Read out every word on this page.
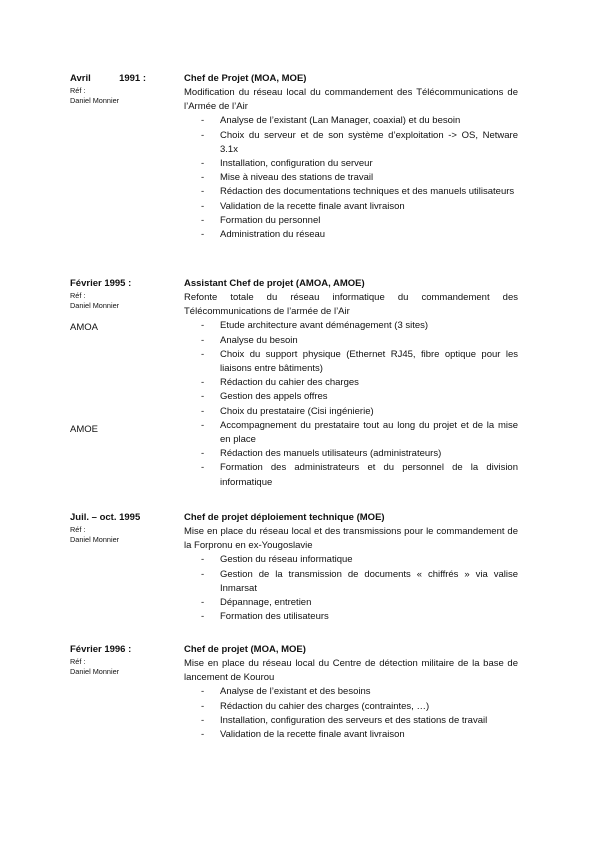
Avril	1991 :
Réf :
Daniel Monnier
Chef de Projet (MOA, MOE)
Modification du réseau local du commandement des Télécommunications de l’Armée de l’Air
- Analyse de l’existant (Lan Manager, coaxial) et du besoin
- Choix du serveur et de son système d’exploitation -> OS, Netware 3.1x
- Installation, configuration du serveur
- Mise à niveau des stations de travail
- Rédaction des documentations techniques et des manuels utilisateurs
- Validation de la recette finale avant livraison
- Formation du personnel
- Administration du réseau
Février 1995 :
Réf :
Daniel Monnier
AMOA
AMOE
Assistant Chef de projet (AMOA, AMOE)
Refonte totale du réseau informatique du commandement des Télécommunications de l’armée de l’Air
- Etude architecture avant déménagement (3 sites)
- Analyse du besoin
- Choix du support physique (Ethernet RJ45, fibre optique pour les liaisons entre bâtiments)
- Rédaction du cahier des charges
- Gestion des appels offres
- Choix du prestataire (Cisi ingénierie)
- Accompagnement du prestataire tout au long du projet et de la mise en place
- Rédaction des manuels utilisateurs (administrateurs)
- Formation des administrateurs et du personnel de la division informatique
Juil. – oct. 1995
Réf :
Daniel Monnier
Chef de projet déploiement technique (MOE)
Mise en place du réseau local et des transmissions pour le commandement de la Forpronu en ex-Yougoslavie
- Gestion du réseau informatique
- Gestion de la transmission de documents « chiffrés » via valise Inmarsat
- Dépannage, entretien
- Formation des utilisateurs
Février 1996 :
Réf :
Daniel Monnier
Chef de projet (MOA, MOE)
Mise en place du réseau local du Centre de détection militaire de la base de lancement de Kourou
- Analyse de l’existant et des besoins
- Rédaction du cahier des charges (contraintes, …)
- Installation, configuration des serveurs et des stations de travail
- Validation de la recette finale avant livraison
